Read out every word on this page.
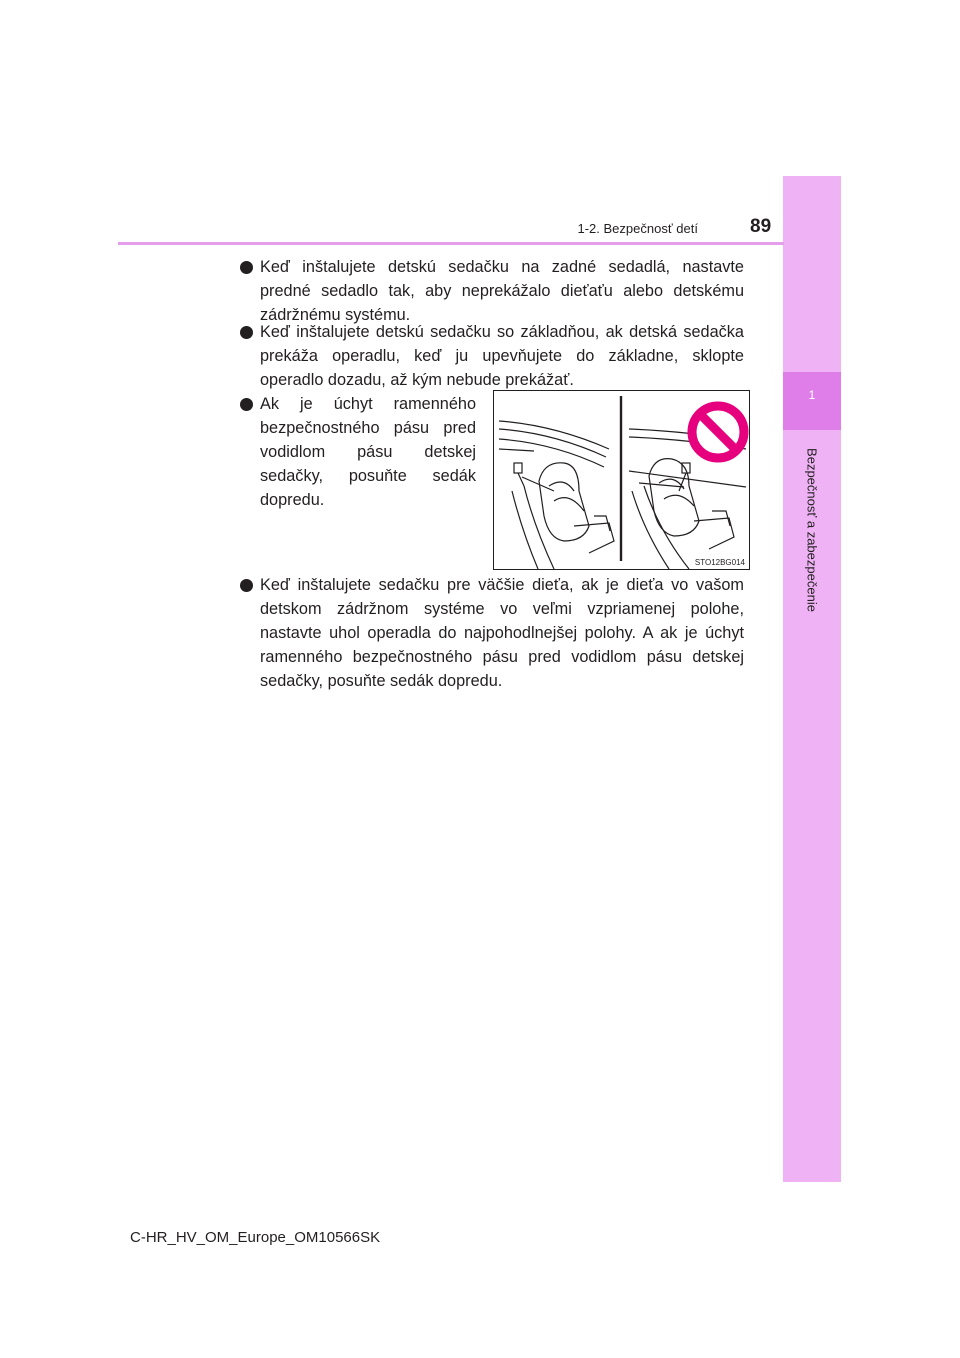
1
Bezpečnosť a zabezpečenie
1-2. Bezpečnosť detí	89
Keď inštalujete detskú sedačku na zadné sedadlá, nastavte predné sedadlo tak, aby neprekážalo dieťaťu alebo detskému zádržnému systému.
Keď inštalujete detskú sedačku so základňou, ak detská sedačka prekáža operadlu, keď ju upevňujete do základne, sklopte operadlo dozadu, až kým nebude prekážať.
Ak je úchyt ramenného bezpečnostného pásu pred vodidlom pásu detskej sedačky, posuňte sedák dopredu.
STO12BG014
Keď inštalujete sedačku pre väčšie dieťa, ak je dieťa vo vašom detskom zádržnom systéme vo veľmi vzpriamenej polohe, nastavte uhol operadla do najpohodlnejšej polohy. A ak je úchyt ramenného bezpečnostného pásu pred vodidlom pásu detskej sedačky, posuňte sedák dopredu.
C-HR_HV_OM_Europe_OM10566SK
